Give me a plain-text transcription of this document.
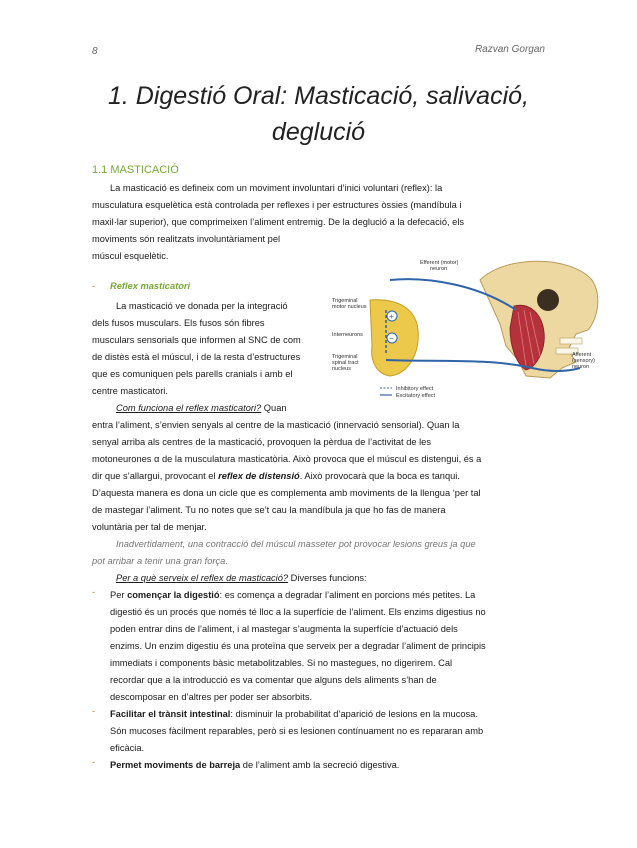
8	Razvan Gorgan
1. Digestió Oral: Masticació, salivació,
deglució
1.1 MASTICACIÓ
La masticació es defineix com un moviment involuntari d’inici voluntari (reflex): la
musculatura esquelètica està controlada per reflexes i per estructures òssies (mandíbula i
maxil·lar superior), que comprimeixen l’aliment entremig. De la deglució a la defecació, els
moviments són realitzats involuntàriament pel
múscul esquelètic.
- Reflex masticatori
La masticació ve donada per la integració
dels fusos musculars. Els fusos són fibres
musculars sensorials que informen al SNC de com
de distès està el múscul, i de la resta d’estructures
que es comuniquen pels parells cranials i amb el
centre masticatori.
+
−
Efferent (motor)
neuron
Trigeminal
motor nucleus
Interneurons
Trigeminal
spinal tract
nucleus
Afferent
(sensory)
neuron
Inhibitory effect
Excitatory effect
Com funciona el reflex masticatori? Quan
entra l’aliment, s’envien senyals al centre de la masticació (innervació sensorial). Quan la
senyal arriba als centres de la masticació, provoquen la pèrdua de l’activitat de les
motoneurones α de la musculatura masticatòria. Això provoca que el múscul es distengui, és a
dir que s’allargui, provocant el reflex de distensió. Això provocarà que la boca es tanqui.
D’aquesta manera es dona un cicle que es complementa amb moviments de la llengua ‘per tal
de mastegar l’aliment. Tu no notes que se’t cau la mandíbula ja que ho fas de manera
voluntària per tal de menjar.
Inadvertidament, una contracció del múscul masseter pot provocar lesions greus ja que
pot arribar a tenir una gran força.
Per a què serveix el reflex de masticació? Diverses funcions:
- Per començar la digestió: es comença a degradar l’aliment en porcions més petites. La
digestió és un procés que només té lloc a la superfície de l’aliment. Els enzims digestius no
poden entrar dins de l’aliment, i al mastegar s’augmenta la superfície d’actuació dels
enzims. Un enzim digestiu és una proteïna que serveix per a degradar l’aliment de principis
immediats i components bàsic metabolitzables. Si no mastegues, no digerirem. Cal
recordar que a la introducció es va comentar que alguns dels aliments s’han de
descomposar en d’altres per poder ser absorbits.
- Facilitar el trànsit intestinal: disminuir la probabilitat d’aparició de lesions en la mucosa.
Són mucoses fàcilment reparables, però si es lesionen contínuament no es repararan amb
eficàcia.
- Permet moviments de barreja de l’aliment amb la secreció digestiva.
